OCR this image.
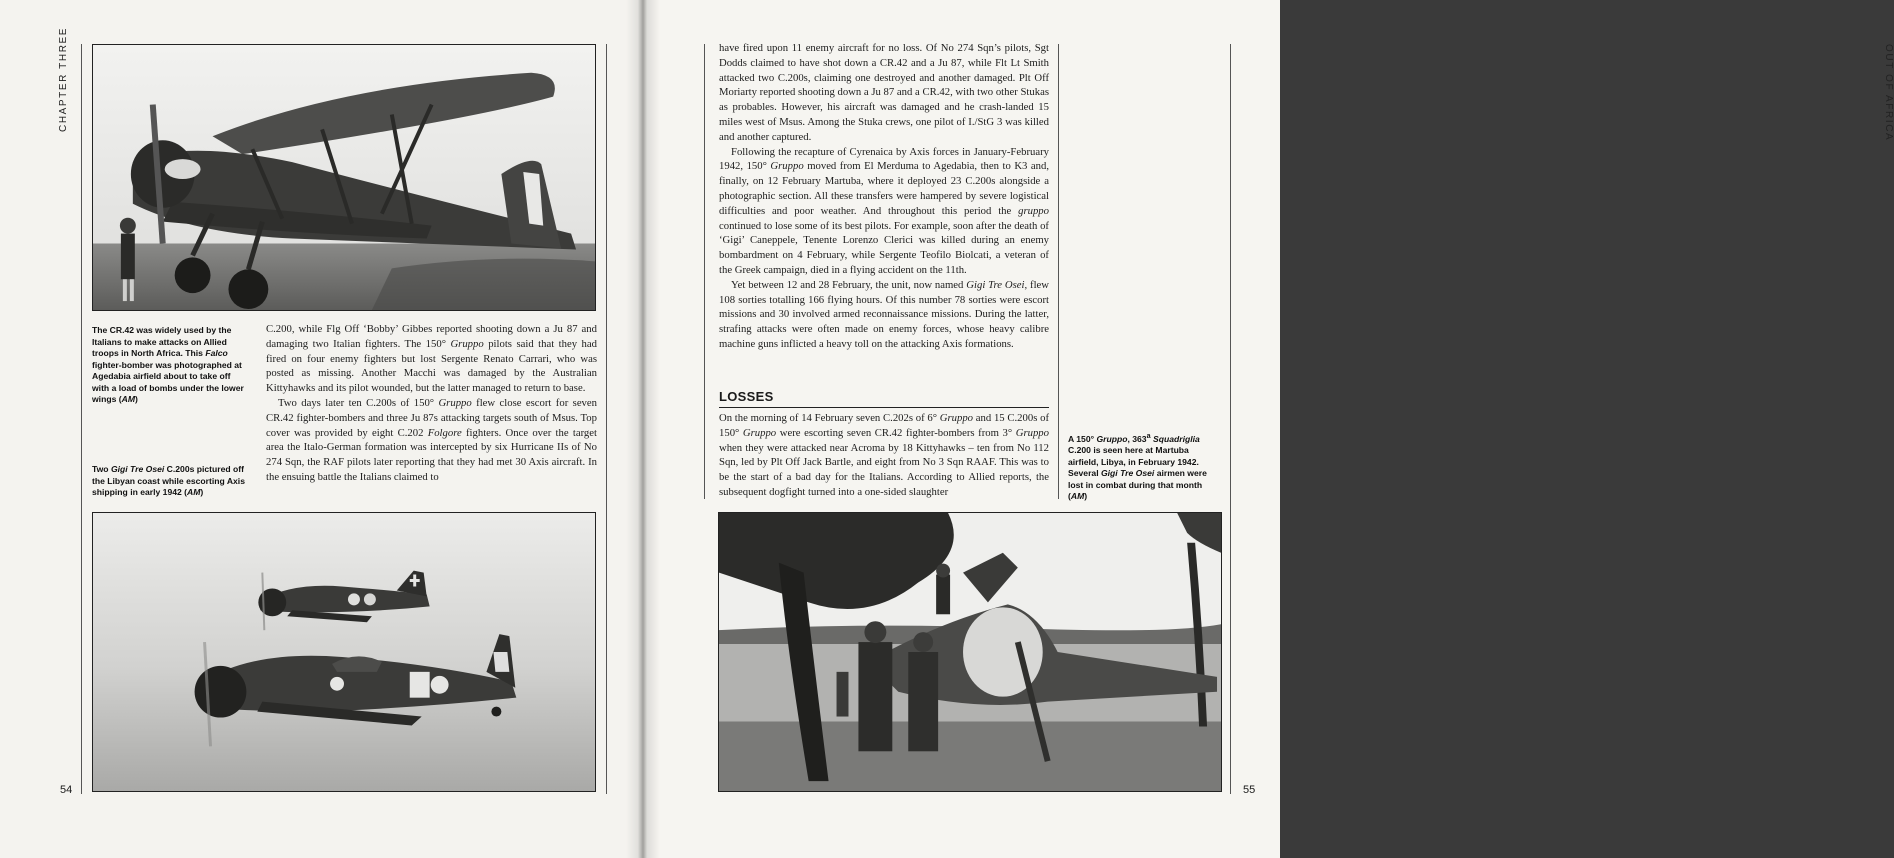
CHAPTER THREE
The CR.42 was widely used by the Italians to make attacks on Allied troops in North Africa. This Falco fighter-bomber was photographed at Agedabia airfield about to take off with a load of bombs under the lower wings (AM)
Two Gigi Tre Osei C.200s pictured off the Libyan coast while escorting Axis shipping in early 1942 (AM)

C.200, while Flg Off ‘Bobby’ Gibbes reported shooting down a Ju 87 and damaging two Italian fighters. The 150° Gruppo pilots said that they had fired on four enemy fighters but lost Sergente Renato Carrari, who was posted as missing. Another Macchi was damaged by the Australian Kittyhawks and its pilot wounded, but the latter managed to return to base.

Two days later ten C.200s of 150° Gruppo flew close escort for seven CR.42 fighter-bombers and three Ju 87s attacking targets south of Msus. Top cover was provided by eight C.202 Folgore fighters. Once over the target area the Italo-German formation was intercepted by six Hurricane IIs of No 274 Sqn, the RAF pilots later reporting that they had met 30 Axis aircraft. In the ensuing battle the Italians claimed to

54

have fired upon 11 enemy aircraft for no loss. Of No 274 Sqn’s pilots, Sgt Dodds claimed to have shot down a CR.42 and a Ju 87, while Flt Lt Smith attacked two C.200s, claiming one destroyed and another damaged. Plt Off Moriarty reported shooting down a Ju 87 and a CR.42, with two other Stukas as probables. However, his aircraft was damaged and he crash-landed 15 miles west of Msus. Among the Stuka crews, one pilot of I./StG 3 was killed and another captured.

Following the recapture of Cyrenaica by Axis forces in January-February 1942, 150° Gruppo moved from El Merduma to Agedabia, then to K3 and, finally, on 12 February Martuba, where it deployed 23 C.200s alongside a photographic section. All these transfers were hampered by severe logistical difficulties and poor weather. And throughout this period the gruppo continued to lose some of its best pilots. For example, soon after the death of ‘Gigi’ Caneppele, Tenente Lorenzo Clerici was killed during an enemy bombardment on 4 February, while Sergente Teofilo Biolcati, a veteran of the Greek campaign, died in a flying accident on the 11th.

Yet between 12 and 28 February, the unit, now named Gigi Tre Osei, flew 108 sorties totalling 166 flying hours. Of this number 78 sorties were escort missions and 30 involved armed reconnaissance missions. During the latter, strafing attacks were often made on enemy forces, whose heavy calibre machine guns inflicted a heavy toll on the attacking Axis formations.

LOSSES

On the morning of 14 February seven C.202s of 6° Gruppo and 15 C.200s of 150° Gruppo were escorting seven CR.42 fighter-bombers from 3° Gruppo when they were attacked near Acroma by 18 Kittyhawks – ten from No 112 Sqn, led by Plt Off Jack Bartle, and eight from No 3 Sqn RAAF. This was to be the start of a bad day for the Italians. According to Allied reports, the subsequent dogfight turned into a one-sided slaughter

A 150° Gruppo, 363$^a$ Squadriglia C.200 is seen here at Martuba airfield, Libya, in February 1942. Several Gigi Tre Osei airmen were lost in combat during that month (AM)
OUT OF AFRICA
55
